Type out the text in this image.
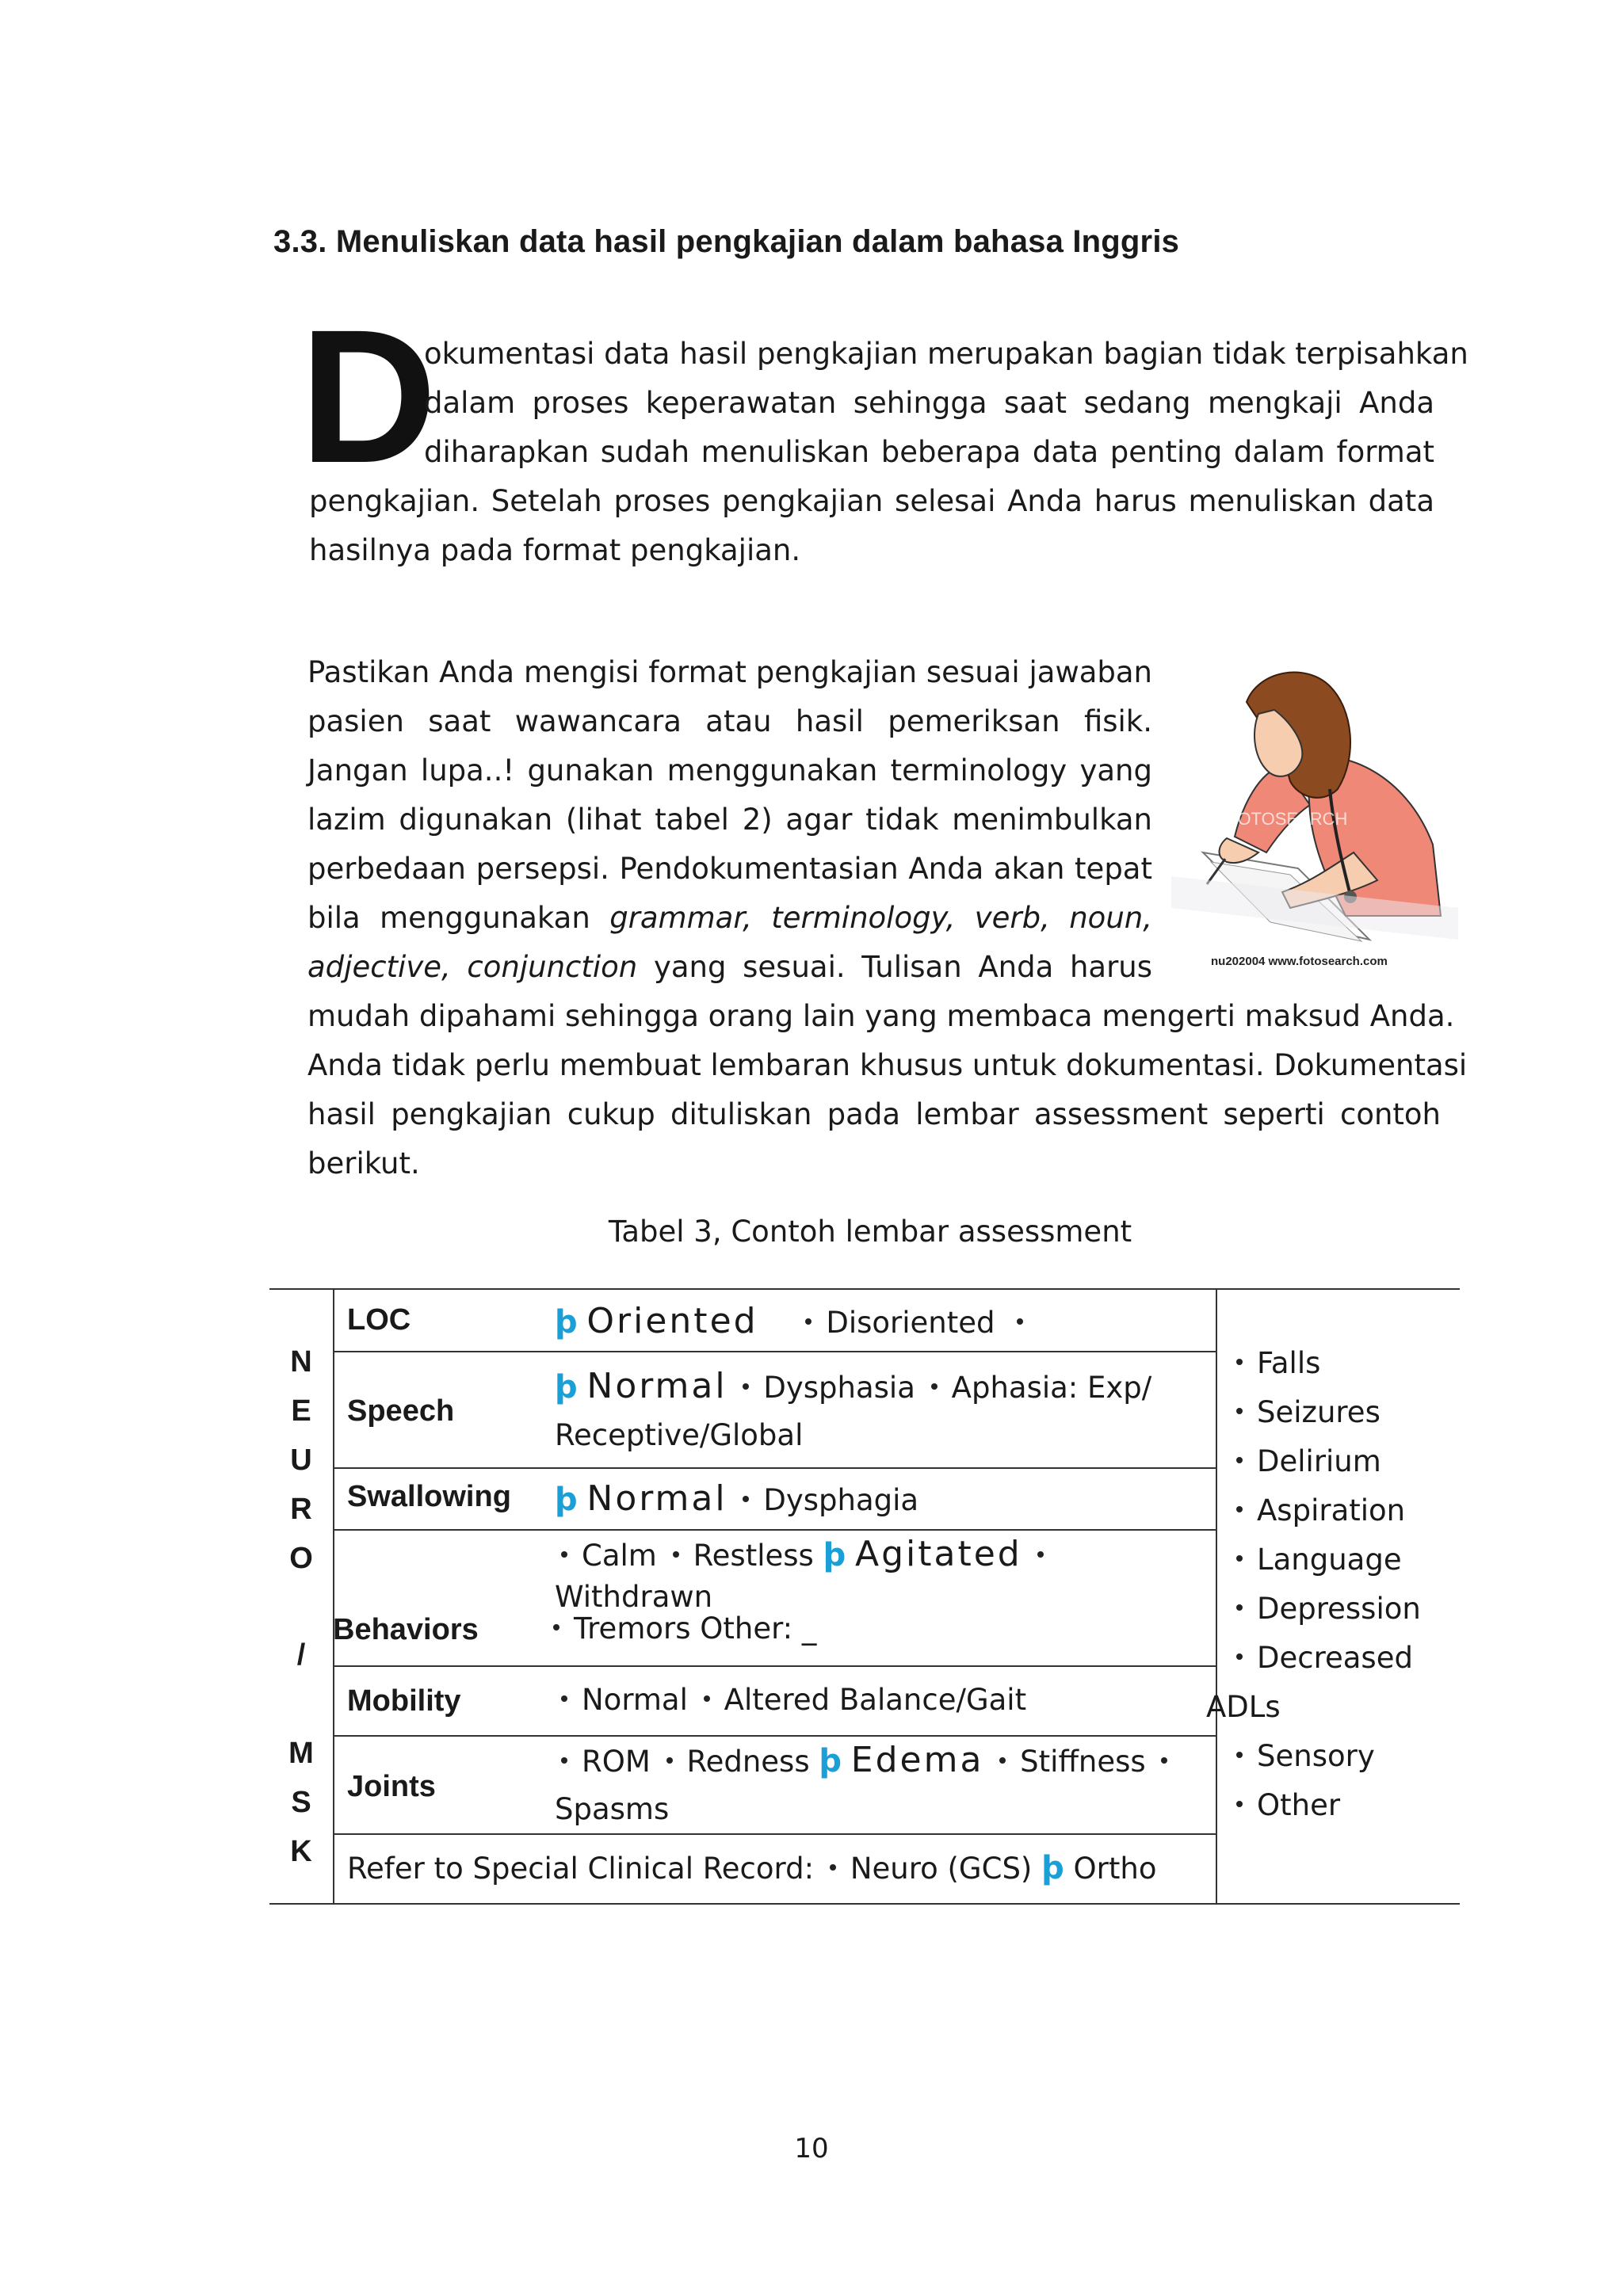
3.3. Menuliskan data hasil pengkajian dalam bahasa Inggris
D
okumentasi data hasil pengkajian merupakan bagian tidak terpisahkan
dalam proses keperawatan sehingga saat sedang mengkaji Anda
diharapkan sudah menuliskan beberapa data penting dalam format
pengkajian. Setelah proses pengkajian selesai Anda harus menuliskan data
hasilnya pada format pengkajian.
Pastikan Anda mengisi format pengkajian sesuai jawaban
pasien saat wawancara atau hasil pemeriksan fisik.
Jangan lupa..! gunakan menggunakan terminology yang
lazim digunakan (lihat tabel 2) agar tidak menimbulkan
perbedaan persepsi. Pendokumentasian Anda akan tepat
bila menggunakan grammar, terminology, verb, noun,
adjective, conjunction yang sesuai. Tulisan Anda harus
mudah dipahami sehingga orang lain yang membaca mengerti maksud Anda.
Anda tidak perlu membuat lembaran khusus untuk dokumentasi. Dokumentasi
hasil pengkajian cukup dituliskan pada lembar assessment seperti contoh
berikut.
FOTOSEARCH
nu202004 www.fotosearch.com
Tabel 3, Contoh lembar assessment
N
E
U
R
O
/
M
S
K
LOC	þ Oriented Disoriented
Speech
þ Normal Dysphasia Aphasia: Exp/
Receptive/Global
Swallowing þ Normal Dysphagia
Behaviors
Calm Restless þ Agitated
Withdrawn
Tremors Other: _
Mobility	Normal Altered Balance/Gait
Joints
ROM Redness þ Edema Stiffness
Spasms
Refer to Special Clinical Record: Neuro (GCS) þ Ortho
Falls
Seizures
Delirium
Aspiration
Language
Depression
Decreased
ADLs
Sensory
Other
10
